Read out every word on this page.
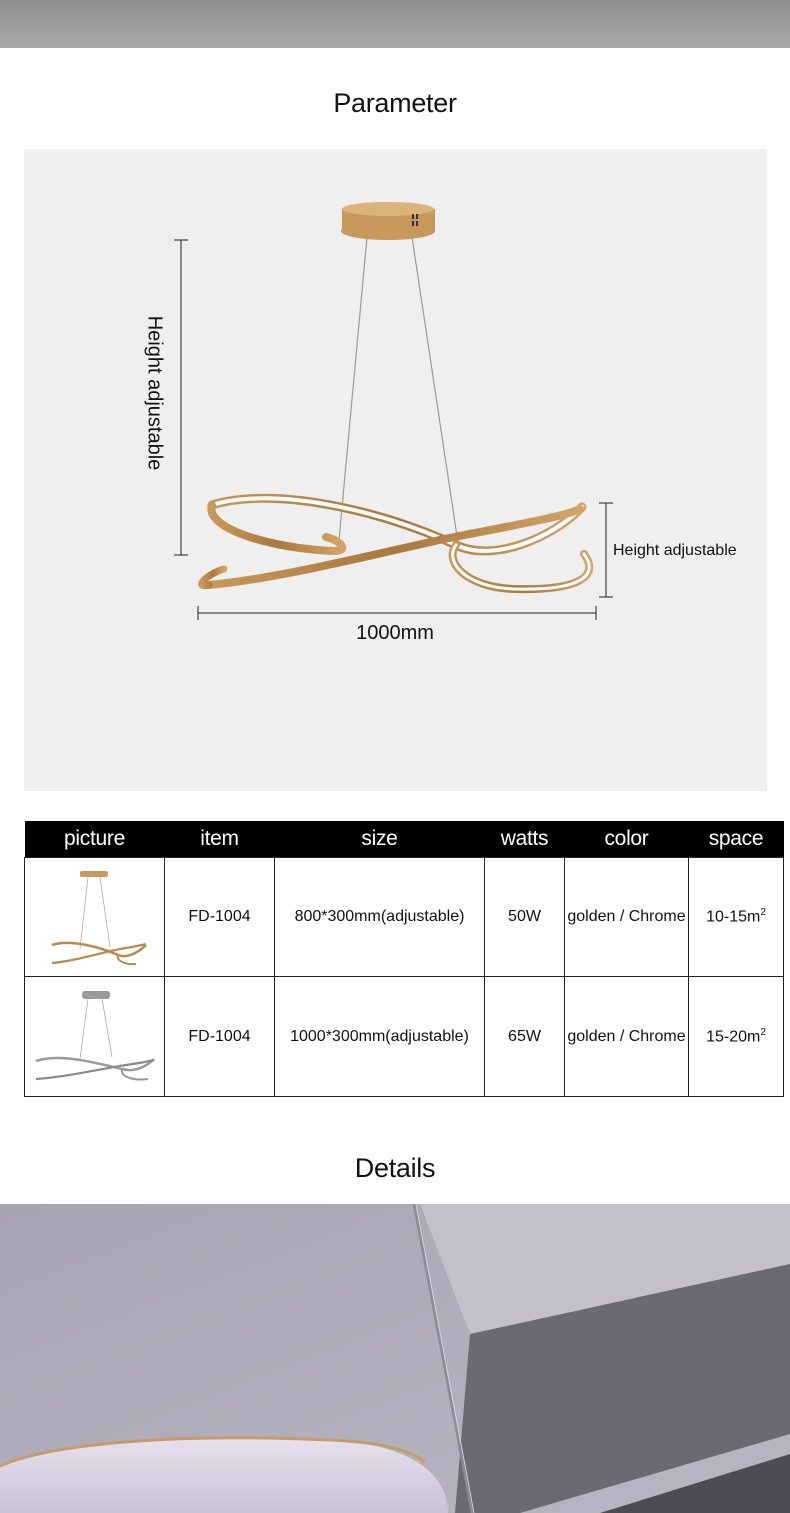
Parameter
Height adjustable
Height adjustable
1000mm
picture	item	size	watts	color	space

	FD-1004	800*300mm(adjustable)	50W	golden / Chrome	$10-15m^2$

	FD-1004	1000*300mm(adjustable)	65W	golden / Chrome	$15-20m^2$
Details
